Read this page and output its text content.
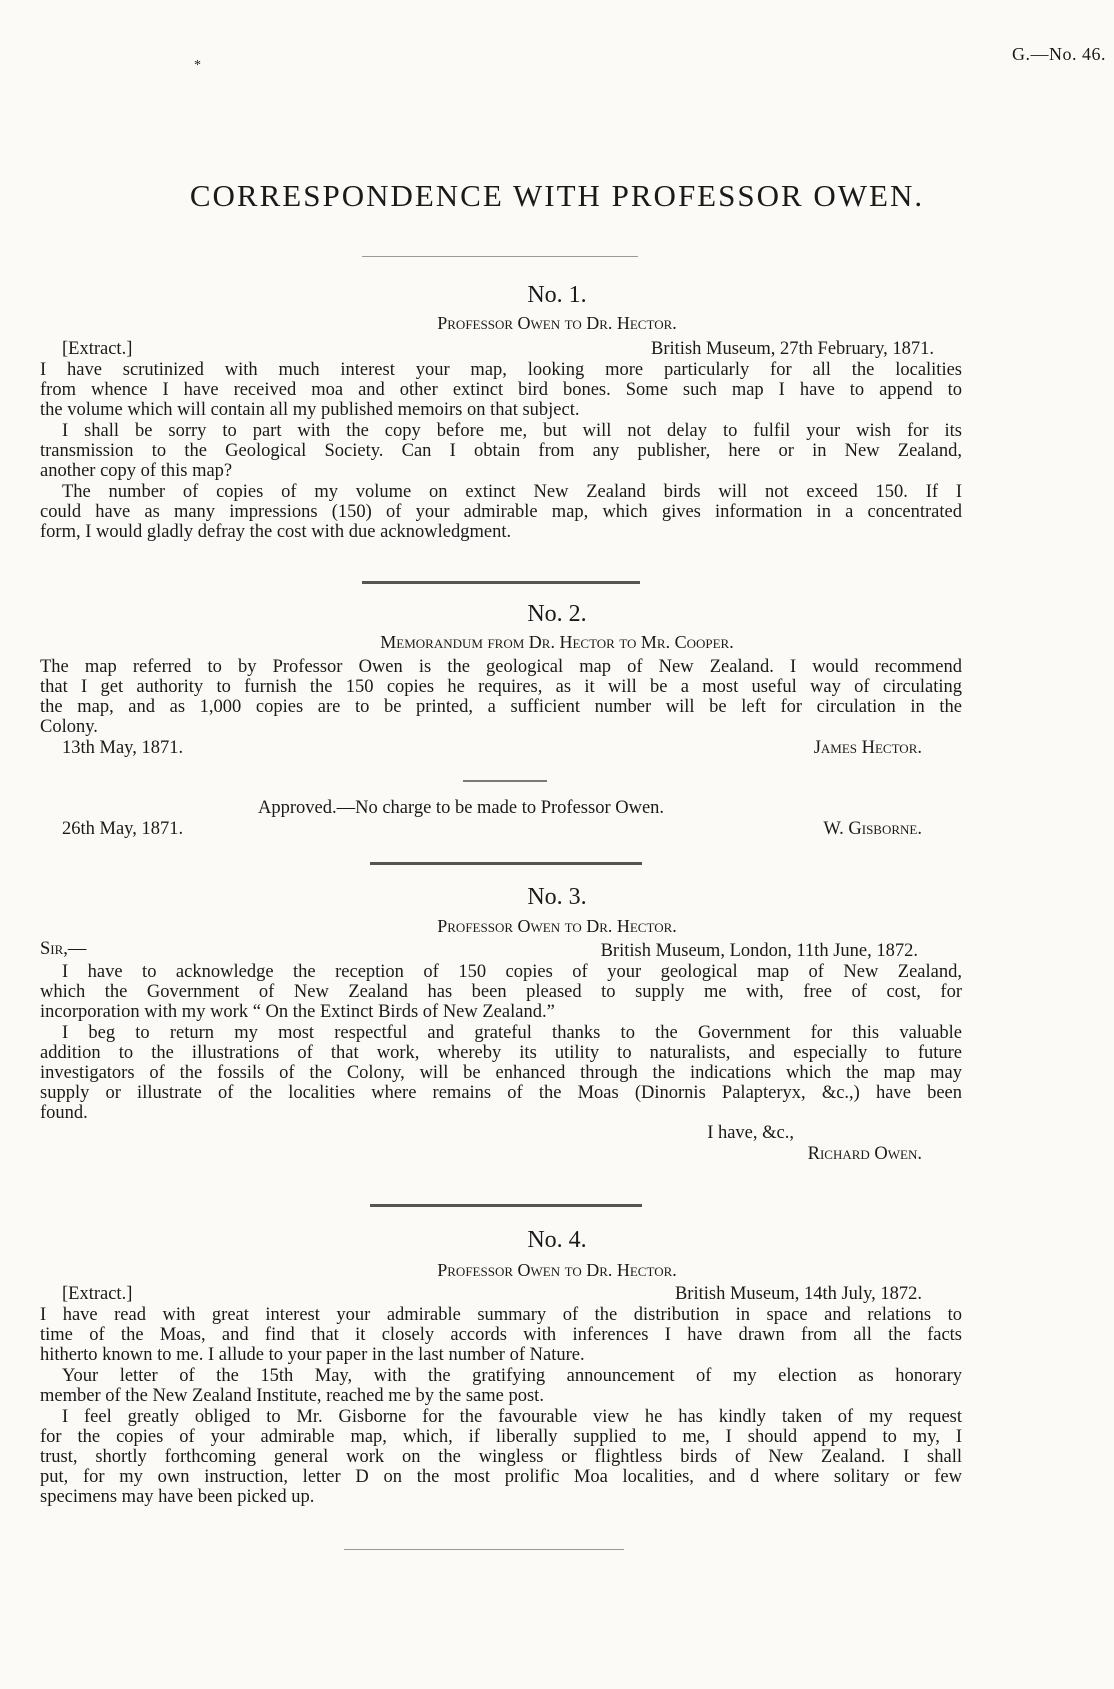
G.—No. 46.
*
CORRESPONDENCE WITH PROFESSOR OWEN.
No. 1.
Professor Owen to Dr. Hector.
[Extract.]	British Museum, 27th February, 1871.
I have scrutinized with much interest your map, looking more particularly for all the localities
from whence I have received moa and other extinct bird bones. Some such map I have to append to
the volume which will contain all my published memoirs on that subject.
I shall be sorry to part with the copy before me, but will not delay to fulfil your wish for its
transmission to the Geological Society. Can I obtain from any publisher, here or in New Zealand,
another copy of this map?
The number of copies of my volume on extinct New Zealand birds will not exceed 150. If I
could have as many impressions (150) of your admirable map, which gives information in a concentrated
form, I would gladly defray the cost with due acknowledgment.
No. 2.
Memorandum from Dr. Hector to Mr. Cooper.
The map referred to by Professor Owen is the geological map of New Zealand. I would recommend
that I get authority to furnish the 150 copies he requires, as it will be a most useful way of circulating
the map, and as 1,000 copies are to be printed, a sufficient number will be left for circulation in the
Colony.
13th May, 1871.	James Hector.
Approved.—No charge to be made to Professor Owen.
26th May, 1871.	W. Gisborne.
No. 3.
Professor Owen to Dr. Hector.
Sir,—	British Museum, London, 11th June, 1872.
I have to acknowledge the reception of 150 copies of your geological map of New Zealand,
which the Government of New Zealand has been pleased to supply me with, free of cost, for
incorporation with my work “ On the Extinct Birds of New Zealand.”
I beg to return my most respectful and grateful thanks to the Government for this valuable
addition to the illustrations of that work, whereby its utility to naturalists, and especially to future
investigators of the fossils of the Colony, will be enhanced through the indications which the map may
supply or illustrate of the localities where remains of the Moas (Dinornis Palapteryx, &c.,) have been
found.
I have, &c.,
Richard Owen.
No. 4.
Professor Owen to Dr. Hector.
[Extract.]	British Museum, 14th July, 1872.
I have read with great interest your admirable summary of the distribution in space and relations to
time of the Moas, and find that it closely accords with inferences I have drawn from all the facts
hitherto known to me. I allude to your paper in the last number of Nature.
Your letter of the 15th May, with the gratifying announcement of my election as honorary
member of the New Zealand Institute, reached me by the same post.
I feel greatly obliged to Mr. Gisborne for the favourable view he has kindly taken of my request
for the copies of your admirable map, which, if liberally supplied to me, I should append to my, I
trust, shortly forthcoming general work on the wingless or flightless birds of New Zealand. I shall
put, for my own instruction, letter D on the most prolific Moa localities, and d where solitary or few
specimens may have been picked up.
